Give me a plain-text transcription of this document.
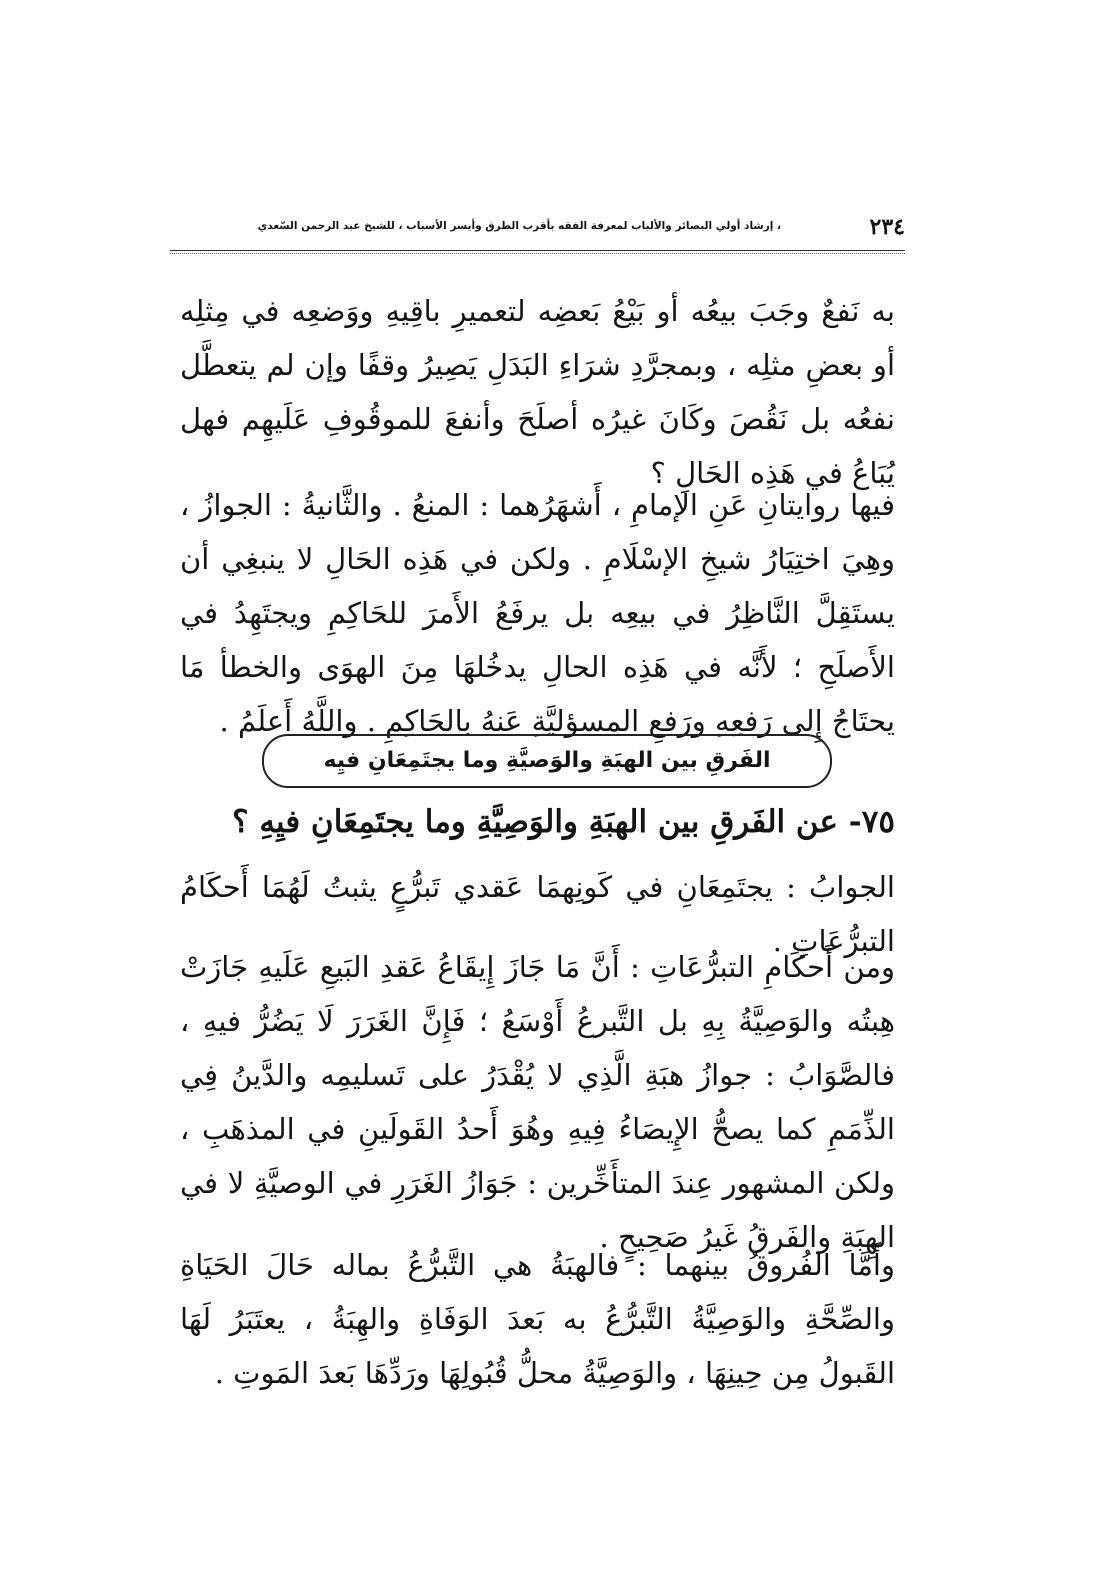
٢٣٤
، إرشاد أولي البصائر والألباب لمعرفة الفقه بأقرب الطرق وأيسر الأسباب ، للشيخ عبد الرحمن السّعدي

به نَفعٌ وجَبَ بيعُه أو بَيْعُ بَعضِه لتعميرِ باقِيهِ ووَضعِه في مِثلِه أو بعضِ مثلِه ، وبمجرَّدِ شرَاءِ البَدَلِ يَصِيرُ وقفًا وإن لم يتعطَّل نفعُه بل نَقُصَ وكَانَ غيرُه أصلَحَ وأنفعَ للموقُوفِ عَلَيهِم فهل يُبَاعُ في هَذِه الحَالِ ؟

فيها روايتانِ عَنِ الإمامِ ، أَشهَرُهما : المنعُ . والثَّانيةُ : الجوازُ ، وهِيَ اختِيَارُ شيخِ الإسْلَامِ . ولكن في هَذِه الحَالِ لا ينبغِي أن يستَقِلَّ النَّاظِرُ في بيعِه بل يرفَعُ الأَمرَ للحَاكِمِ ويجتَهِدُ في الأَصلَحِ ؛ لأَنَّه في هَذِه الحالِ يدخُلهَا مِنَ الهوَى والخطأ مَا يحتَاجُ إِلى رَفعِهِ ورَفعِ المسؤليَّةِ عَنهُ بالحَاكِمِ . واللَّهُ أَعلَمُ .

الفَرقِ بين الهبَةِ والوَصيَّةِ وما يجتَمِعَانِ فيِه
٧٥- عن الفَرقِ بين الهبَةِ والوَصِيَّةِ وما يجتَمِعَانِ فيِهِ ؟

الجوابُ : يجتَمِعَانِ في كَونِهمَا عَقدي تَبرُّعٍ يثبتُ لَهُمَا أَحكَامُ التبرُّعَاتِ .

ومن أَحكَامِ التبرُّعَاتِ : أَنَّ مَا جَازَ إِيقَاعُ عَقدِ البَيعِ عَلَيهِ جَازَتْ هِبتُه والوَصِيَّةُ بِهِ بل التَّبرعُ أَوْسَعُ ؛ فَإِنَّ الغَرَرَ لَا يَضُرُّ فيهِ ، فالصَّوَابُ : جوازُ هبَةِ الَّذِي لا يُقْدَرُ على تَسليمِه والدَّينُ فِي الذِّمَمِ كما يصحُّ الإِيصَاءُ فِيهِ وهُوَ أَحدُ القَولَينِ في المذهَبِ ، ولكن المشهور عِندَ المتأَخِّرين : جَوَازُ الغَرَرِ في الوصيَّةِ لا في الهِبَةِ والفَرقُ غَيرُ صَحِيحٍ .

وأَمَّا الفُروقُ بينهما : فالهبَةُ هي التَّبرُّعُ بماله حَالَ الحَيَاةِ والصِّحَّةِ والوَصِيَّةُ التَّبرُّعُ به بَعدَ الوَفَاةِ والهِبَةُ ، يعتَبَرُ لَهَا القَبولُ مِن حِينِهَا ، والوَصِيَّةُ محلُّ قُبُولِهَا ورَدِّهَا بَعدَ المَوتِ .
